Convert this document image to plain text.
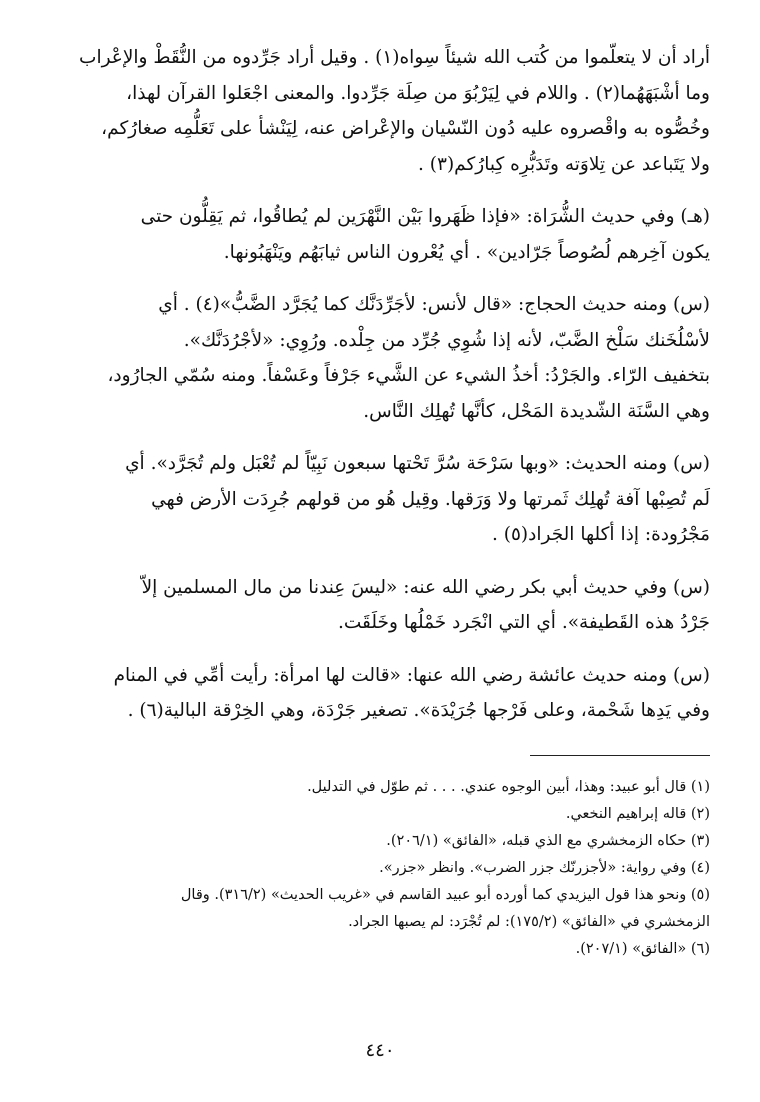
أراد أن لا يتعلّموا من كُتب الله شيئاً سِواه(١) . وقيل أراد جَرِّدوه من النُّقَطْ والإعْراب
وما أشْبَهَهُما(٢) . واللام في لِيَرْبُوَ من صِلَة جَرِّدوا. والمعنى اجْعَلوا القرآن لهذا،
وخُصُّوه به واقْصروه عليه دُون النّسْيان والإعْراض عنه، لِيَنْشأ على تَعَلُّمِه صغارُكم،
ولا يَتَباعد عن تِلاوَته وتَدَبُّرِه كِبارُكم(٣) .

(هـ) وفي حديث الشُّرَاة: «فإذا ظَهَروا بَيْن النَّهْرَين لم يُطاقُوا، ثم يَقِلُّون حتى
يكون آخِرهم لُصُوصاً جَرّادين» . أي يُعْرون الناس ثيابَهُم ويَنْهَبُونها.

(س) ومنه حديث الحجاج: «قال لأنس: لأجَرِّدَنَّك كما يُجَرَّد الضَّبُّ»(٤) . أي
لأسْلُخَنك سَلْخ الضَّبّ، لأنه إذا شُوِي جُرِّد من جِلْده. ورُوِي: «لأجْرُدَنَّك».
بتخفيف الرّاء. والجَرْدُ: أخذُ الشيء عن الشَّيء جَرْفاً وعَسْفاً. ومنه سُمّي الجارُود،
وهي السَّنَة الشّديدة المَحْل، كأنَّها تُهلِك النَّاس.

(س) ومنه الحديث: «وبها سَرْحَة سُرَّ تَحْتها سبعون نَبِيّاً لم تُعْبَل ولم تُجَرَّد». أي
لَم تُصِبْها آفة تُهلِك ثَمرتها ولا وَرَقها. وقِيل هُو من قولهم جُرِدَت الأرض فهي
مَجْرُودة: إذا أكلها الجَراد(٥) .

(س) وفي حديث أبي بكر رضي الله عنه: «ليسَ عِندنا من مال المسلمين إلاّ
جَرْدُ هذه القَطيفة». أي التي انْجَرد خَمْلُها وخَلَقَت.

(س) ومنه حديث عائشة رضي الله عنها: «قالت لها امرأة: رأيت أمِّي في المنام
وفي يَدِها شَحْمة، وعلى فَرْجها جُرَيْدَة». تصغير جَرْدَة، وهي الخِرْقة البالية(٦) .

(١) قال أبو عبيد: وهذا، أبين الوجوه عندي. . . . ثم طوّل في التدليل.

(٢) قاله إبراهيم النخعي.

(٣) حكاه الزمخشري مع الذي قبله، «الفائق» (٢٠٦/١).

(٤) وفي رواية: «لأجزرنّك جزر الضرب». وانظر «جزر».

(٥) ونحو هذا قول اليزيدي كما أورده أبو عبيد القاسم في «غريب الحديث» (٣١٦/٢). وقال
الزمخشري في «الفائق» (١٧٥/٢): لم تُجْرَد: لم يصبها الجراد.

(٦) «الفائق» (٢٠٧/١).

٤٤٠
